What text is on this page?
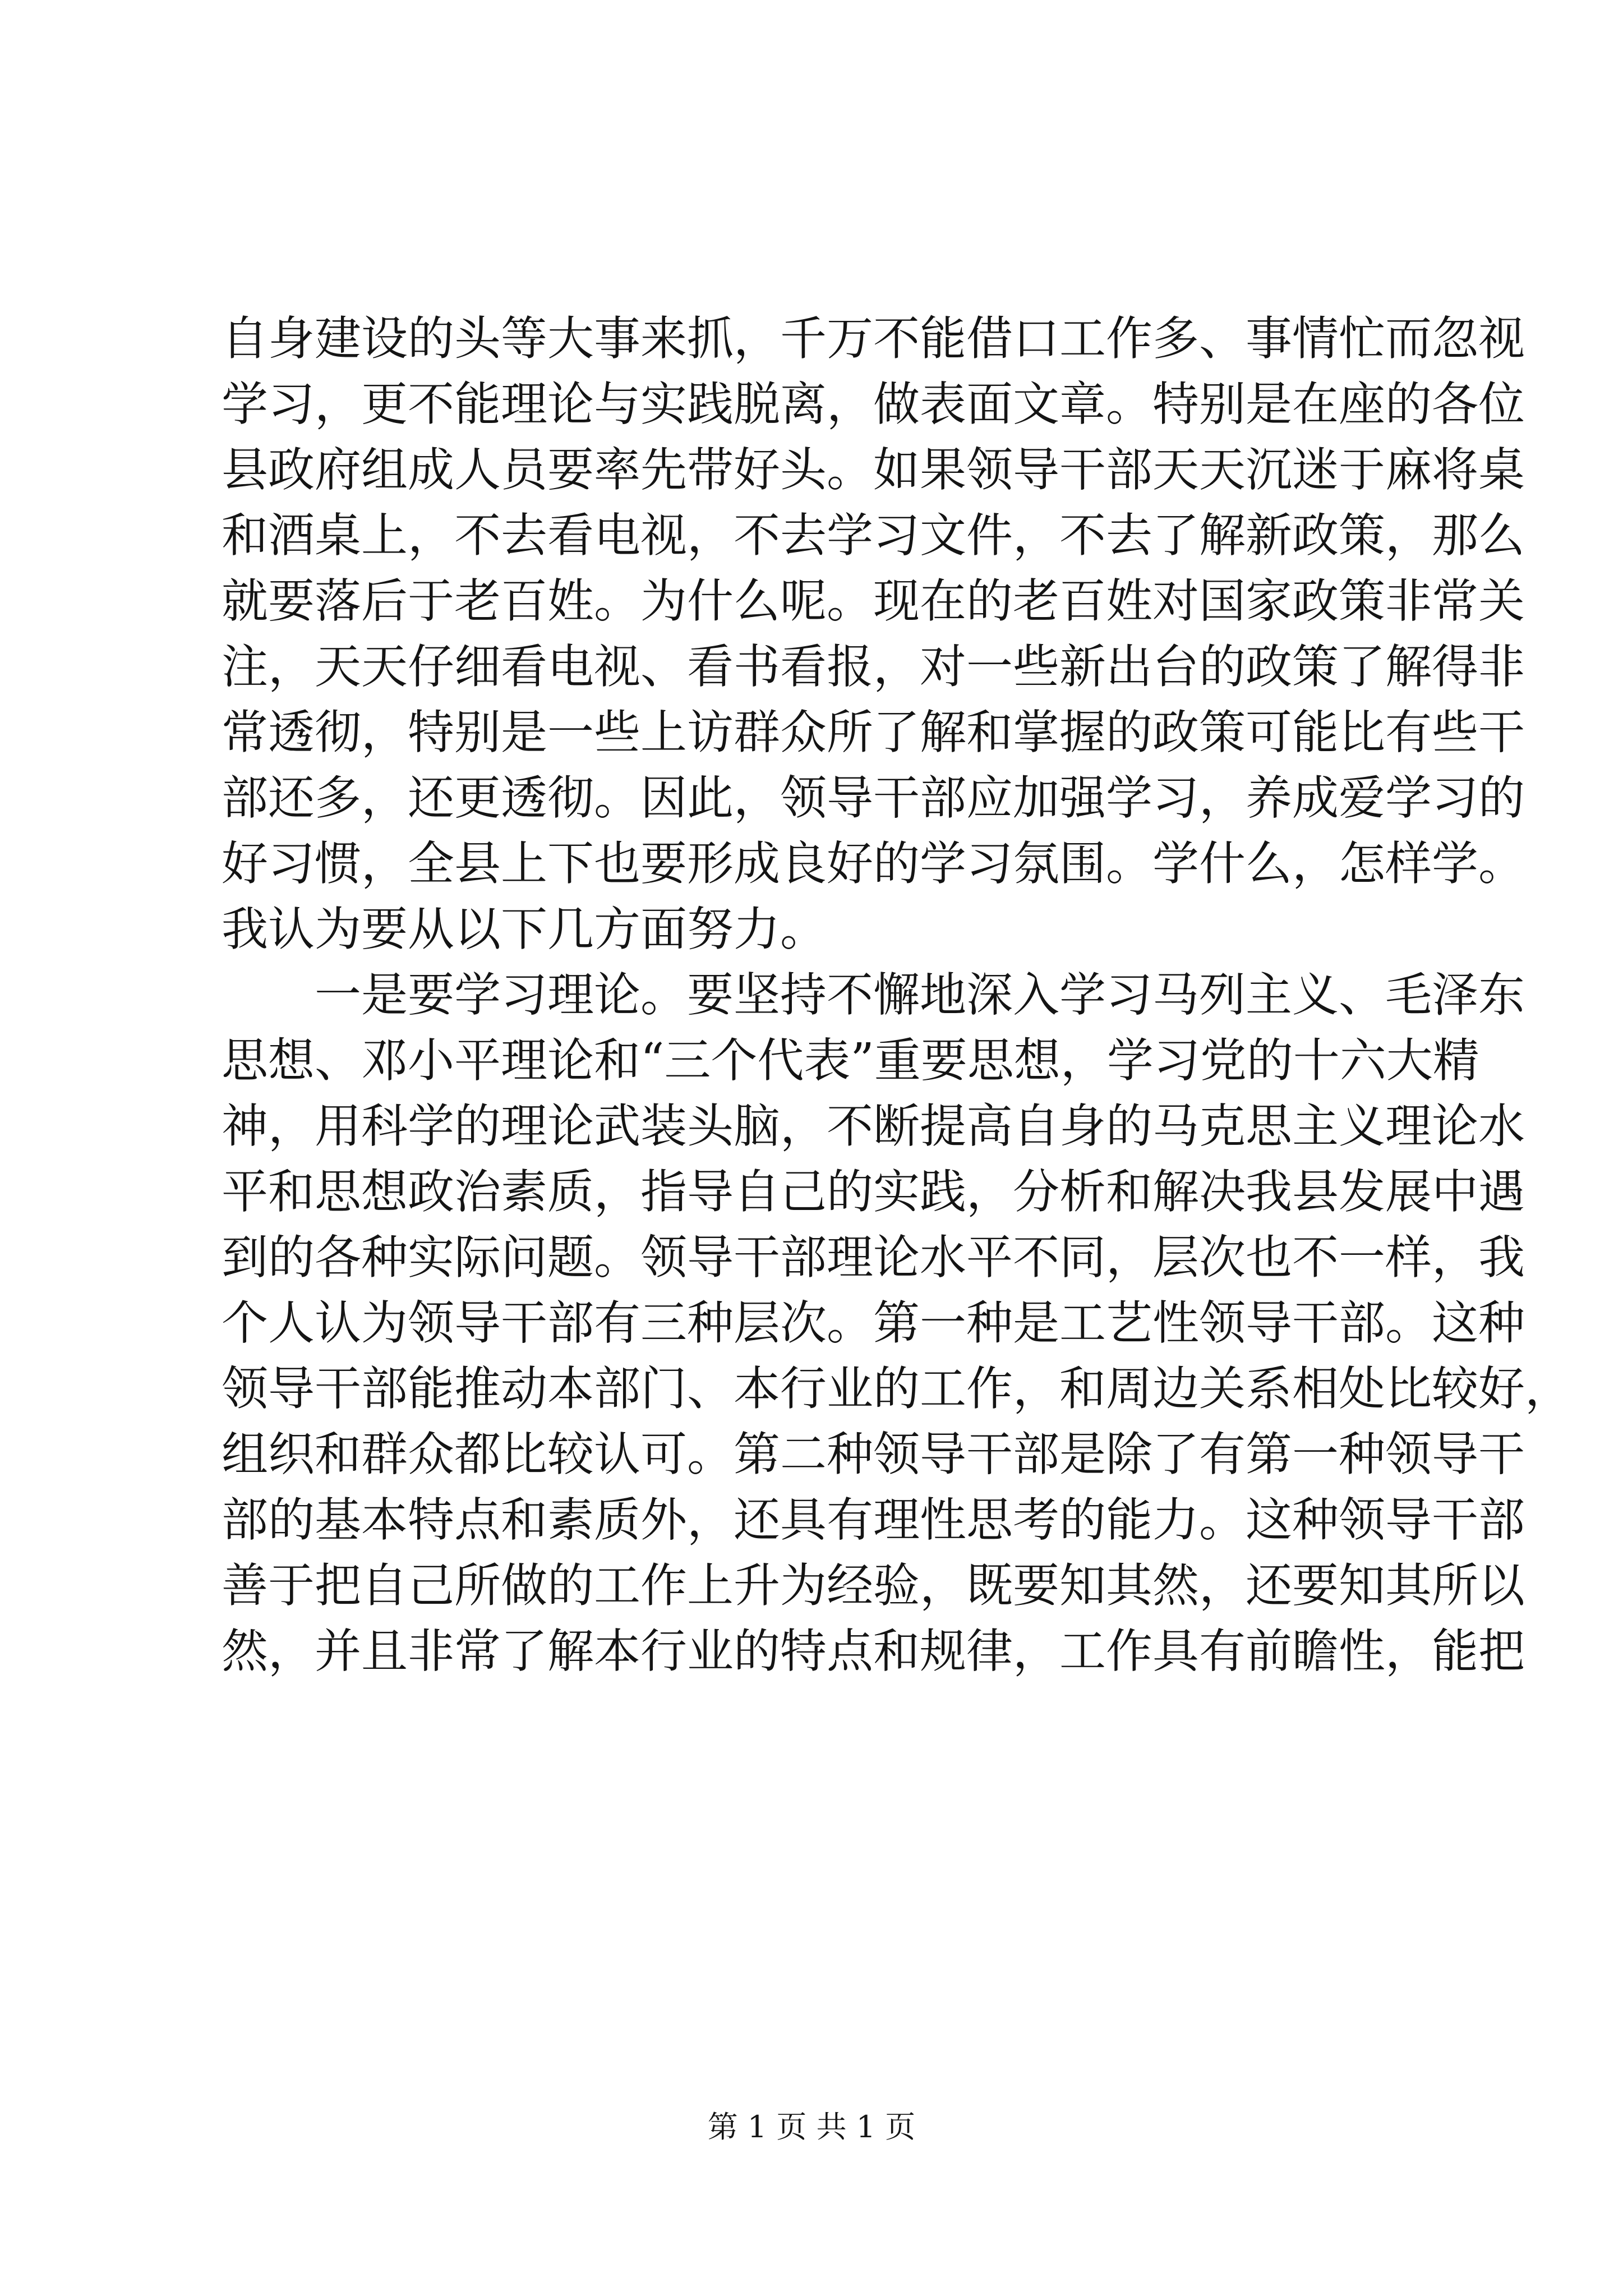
自身建设的头等大事来抓，千万不能借口工作多、事情忙而忽视
学习，更不能理论与实践脱离，做表面文章。特别是在座的各位
县政府组成人员要率先带好头。如果领导干部天天沉迷于麻将桌
和酒桌上，不去看电视，不去学习文件，不去了解新政策，那么
就要落后于老百姓。为什么呢。现在的老百姓对国家政策非常关
注，天天仔细看电视、看书看报，对一些新出台的政策了解得非
常透彻，特别是一些上访群众所了解和掌握的政策可能比有些干
部还多，还更透彻。因此，领导干部应加强学习，养成爱学习的
好习惯，全县上下也要形成良好的学习氛围。学什么，怎样学。
我认为要从以下几方面努力。
一是要学习理论。要坚持不懈地深入学习马列主义、毛泽东
思想、邓小平理论和“三个代表”重要思想，学习党的十六大精
神，用科学的理论武装头脑，不断提高自身的马克思主义理论水
平和思想政治素质，指导自己的实践，分析和解决我县发展中遇
到的各种实际问题。领导干部理论水平不同，层次也不一样，我
个人认为领导干部有三种层次。第一种是工艺性领导干部。这种
领导干部能推动本部门、本行业的工作，和周边关系相处比较好，
组织和群众都比较认可。第二种领导干部是除了有第一种领导干
部的基本特点和素质外，还具有理性思考的能力。这种领导干部
善于把自己所做的工作上升为经验，既要知其然，还要知其所以
然，并且非常了解本行业的特点和规律，工作具有前瞻性，能把
第 1 页 共 1 页
